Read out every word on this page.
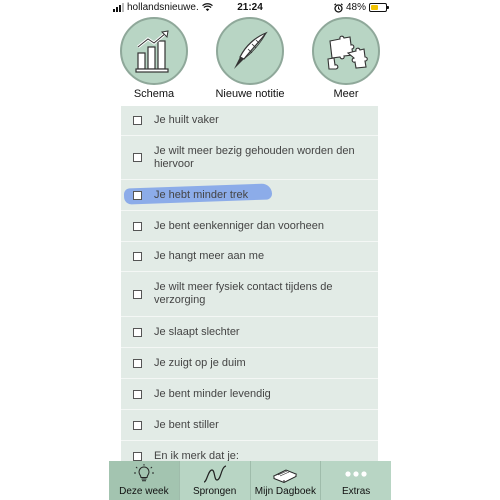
hollandsnieuwe.	21:24	48%
Schema	Nieuwe notitie	Meer
Je huilt vaker
Je wilt meer bezig gehouden worden den hiervoor
Je hebt minder trek
Je bent eenkenniger dan voorheen
Je hangt meer aan me
Je wilt meer fysiek contact tijdens de verzorging
Je slaapt slechter
Je zuigt op je duim
Je bent minder levendig
Je bent stiller
En ik merk dat je:
Deze week Sprongen Mijn Dagboek	Extras
